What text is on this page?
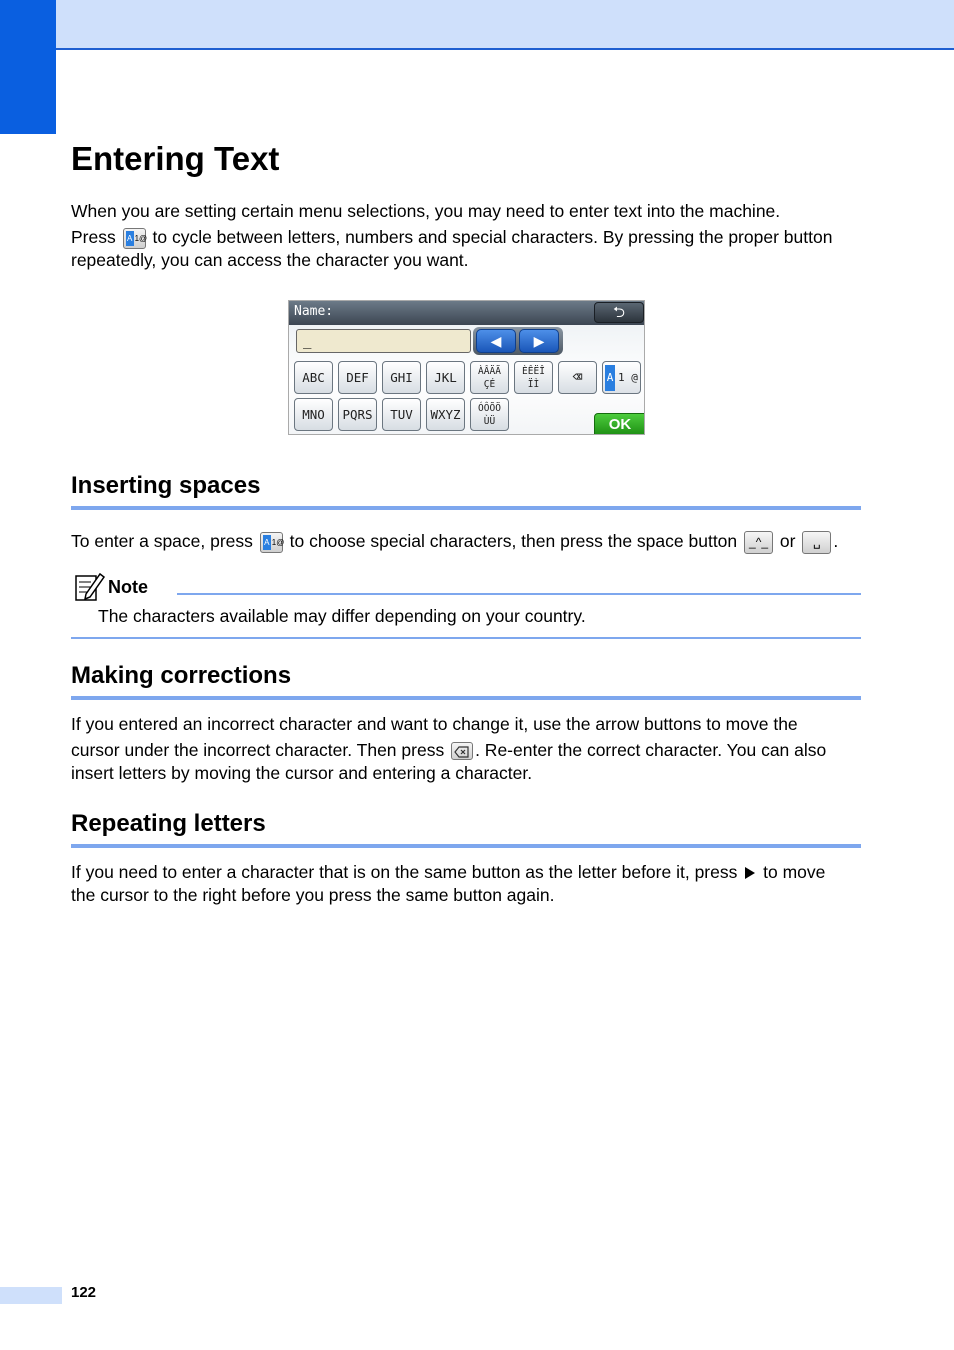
Entering Text
When you are setting certain menu selections, you may need to enter text into the machine.
Press A 1@ to cycle between letters, numbers and special characters. By pressing the proper button
repeatedly, you can access the character you want.
Name:	⮌
_	◀	▶
ABC	DEF	GHI	JKL	ÀÂÄÃ
ÇÉ
ÈÊËÎ
ÏÌ	⌫	A 1 @
MNO	PQRS	TUV	WXYZ	ÓÔÕÖ
ÙÜ	OK
Inserting spaces
To enter a space, press A 1@ to choose special characters, then press the space button _^_ or ␣ .
Note
The characters available may differ depending on your country.
Making corrections
If you entered an incorrect character and want to change it, use the arrow buttons to move the
cursor under the incorrect character. Then press . Re-enter the correct character. You can also
insert letters by moving the cursor and entering a character.
Repeating letters
If you need to enter a character that is on the same button as the letter before it, press to move
the cursor to the right before you press the same button again.
122
